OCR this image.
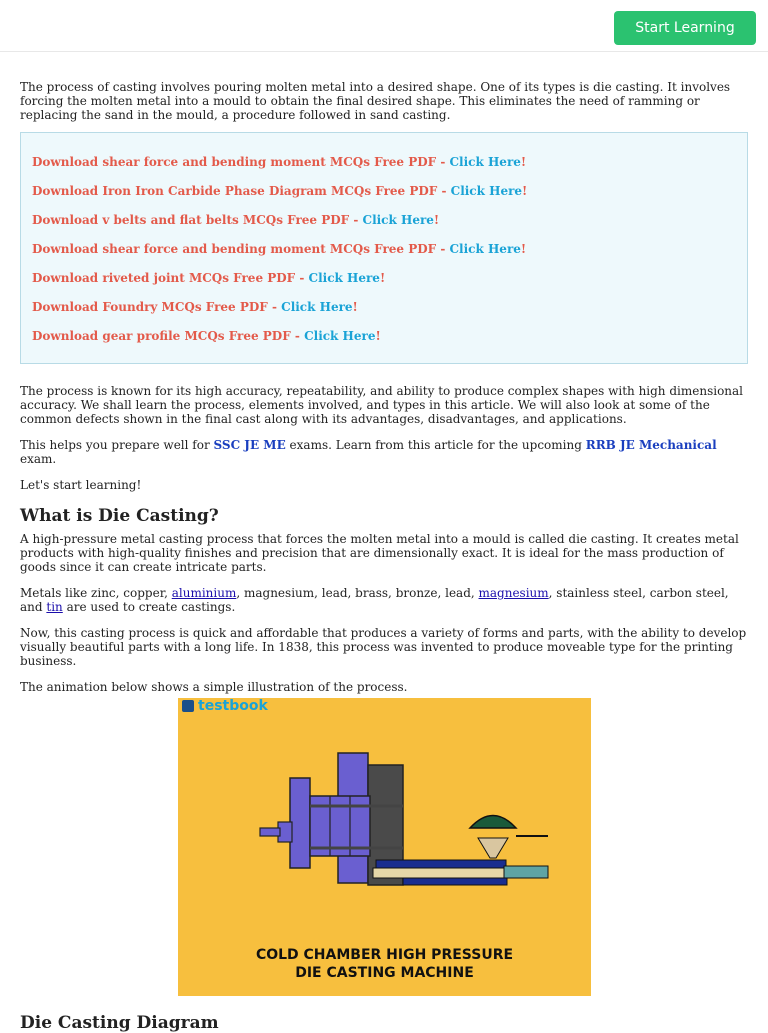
Start Learning

The process of casting involves pouring molten metal into a desired shape. One of its types is die casting. It involves forcing the molten metal into a mould to obtain the final desired shape. This eliminates the need of ramming or replacing the sand in the mould, a procedure followed in sand casting.

Download shear force and bending moment MCQs Free PDF - Click Here!
Download Iron Iron Carbide Phase Diagram MCQs Free PDF - Click Here!
Download v belts and flat belts MCQs Free PDF - Click Here!
Download shear force and bending moment MCQs Free PDF - Click Here!
Download riveted joint MCQs Free PDF - Click Here!
Download Foundry MCQs Free PDF - Click Here!
Download gear profile MCQs Free PDF - Click Here!

The process is known for its high accuracy, repeatability, and ability to produce complex shapes with high dimensional accuracy. We shall learn the process, elements involved, and types in this article. We will also look at some of the common defects shown in the final cast along with its advantages, disadvantages, and applications.

This helps you prepare well for SSC JE ME exams. Learn from this article for the upcoming RRB JE Mechanical exam.

Let's start learning!

What is Die Casting?

A high-pressure metal casting process that forces the molten metal into a mould is called die casting. It creates metal products with high-quality finishes and precision that are dimensionally exact. It is ideal for the mass production of goods since it can create intricate parts.

Metals like zinc, copper, aluminium, magnesium, lead, brass, bronze, lead, magnesium, stainless steel, carbon steel, and tin are used to create castings.

Now, this casting process is quick and affordable that produces a variety of forms and parts, with the ability to develop visually beautiful parts with a long life. In 1838, this process was invented to produce moveable type for the printing business.

The animation below shows a simple illustration of the process.

testbook
COLD CHAMBER HIGH PRESSURE
DIE CASTING MACHINE
Die Casting Diagram
